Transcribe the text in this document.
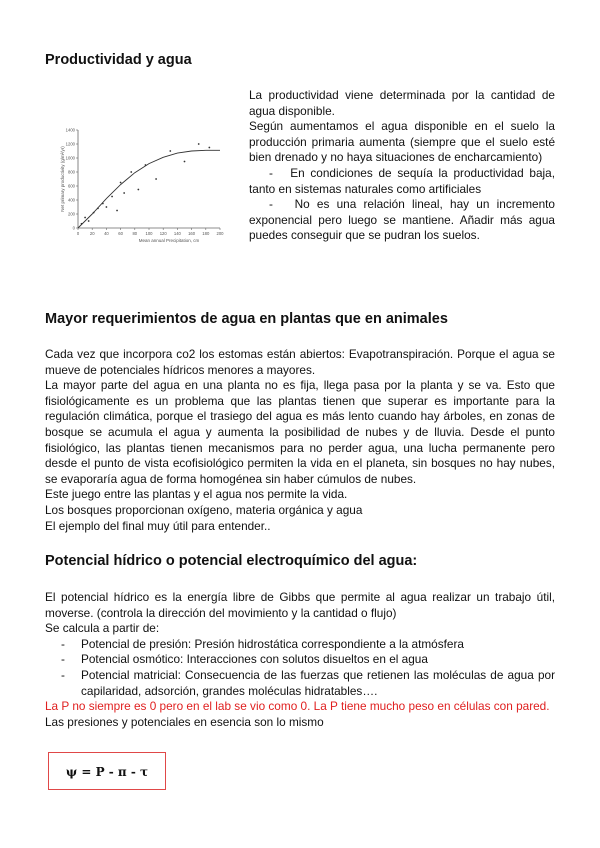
Productividad y agua
0	20 40 60 80 100 120 140 160 180 200
0
200
400
600
800
1000
1200
1400
Mean annual Precipitation, cm
Net primary productivity (g/m²/yr)
La productividad viene determinada por la cantidad de agua disponible.
Según aumentamos el agua disponible en el suelo la producción primaria aumenta (siempre que el suelo esté bien drenado y no haya situaciones de encharcamiento)
-   En condiciones de sequía la productividad baja, tanto en sistemas naturales como artificiales
-   No es una relación lineal, hay un incremento exponencial pero luego se mantiene. Añadir más agua puedes conseguir que se pudran los suelos.
Mayor requerimientos de agua en plantas que en animales
Cada vez que incorpora co2 los estomas están abiertos: Evapotranspiración. Porque el agua se mueve de potenciales hídricos menores a mayores.
La mayor parte del agua en una planta no es fija, llega pasa por la planta y se va. Esto que fisiológicamente es un problema que las plantas tienen que superar es importante para la regulación climática, porque el trasiego del agua es más lento cuando hay árboles, en zonas de bosque se acumula el agua y aumenta la posibilidad de nubes y de lluvia. Desde el punto fisiológico, las plantas tienen mecanismos para no perder agua, una lucha permanente pero desde el punto de vista ecofisiológico permiten la vida en el planeta, sin bosques no hay nubes, se evaporaría agua de forma homogénea sin haber cúmulos de nubes.
Este juego entre las plantas y el agua nos permite la vida.
Los bosques proporcionan oxígeno, materia orgánica y agua
El ejemplo del final muy útil para entender..
Potencial hídrico o potencial electroquímico del agua:
El potencial hídrico es la energía libre de Gibbs que permite al agua realizar un trabajo útil, moverse. (controla la dirección del movimiento y la cantidad o flujo)
Se calcula a partir de:
-	Potencial de presión: Presión hidrostática correspondiente a la atmósfera
-	Potencial osmótico: Interacciones con solutos disueltos en el agua
-	Potencial matricial: Consecuencia de las fuerzas que retienen las moléculas de agua por capilaridad, adsorción, grandes moléculas hidratables….
La P no siempre es 0 pero en el lab se vio como 0. La P tiene mucho peso en células con pared.
Las presiones y potenciales en esencia son lo mismo
ψ = P - π - τ
